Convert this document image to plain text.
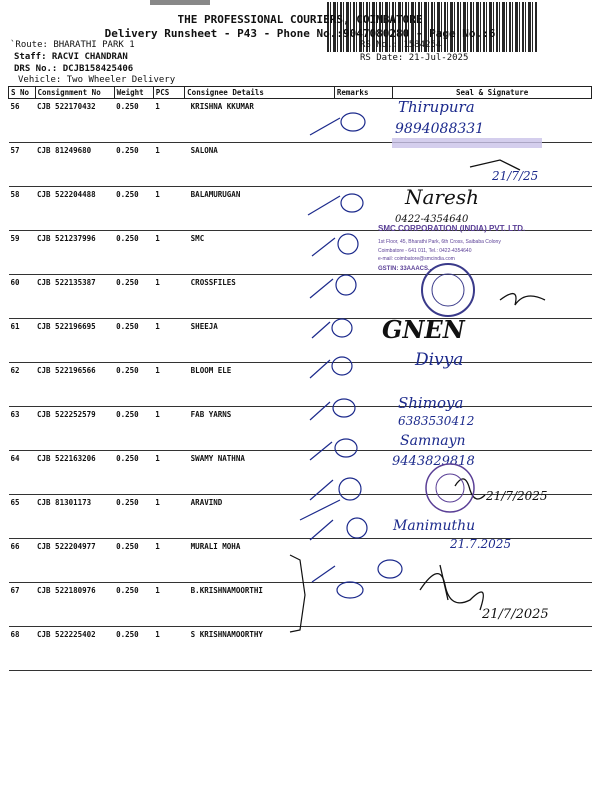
THE PROFESSIONAL COURIERS, COIMBATORE
Delivery Runsheet - P43 - Phone No.:9047080280 - Page No.:6
`Route: BHARATHI PARK 1
Staff: RACVI CHANDRAN
DRS No.: DCJB158425406
Vehicle: Two Wheeler Delivery
RS No.: 1584254
RS Date: 21-Jul-2025
S No	Consignment No	Weight	PCS	Consignee Details	Remarks	Seal & Signature
56	CJB 522170432	0.250	1	KRISHNA KKUMAR		
57	CJB 81249680	0.250	1	SALONA		
58	CJB 522204488	0.250	1	BALAMURUGAN		
59	CJB 521237996	0.250	1	SMC		
60	CJB 522135387	0.250	1	CROSSFILES		
61	CJB 522196695	0.250	1	SHEEJA		
62	CJB 522196566	0.250	1	BLOOM ELE		
63	CJB 522252579	0.250	1	FAB YARNS		
64	CJB 522163206	0.250	1	SWAMY NATHNA		
65	CJB 81301173	0.250	1	ARAVIND		
66	CJB 522204977	0.250	1	MURALI MOHA		
67	CJB 522180976	0.250	1	B.KRISHNAMOORTHI		
68	CJB 522225402	0.250	1	S KRISHNAMOORTHY		
Thirupura
9894088331
21/7/25
Naresh
0422-4354640
GNEN
Divya
Shimoya
6383530412
Samnayn
9443829818
21/7/2025
Manimuthu
21.7.2025
21/7/2025
SMC CORPORATION (INDIA) PVT. LTD.
1st Floor, 45, Bharathi Park, 6th Cross, Saibaba Colony
Coimbatore - 641 011, Tel.: 0422-4354640
e-mail: coimbatore@smcindia.com
GSTIN: 33AAACS...
